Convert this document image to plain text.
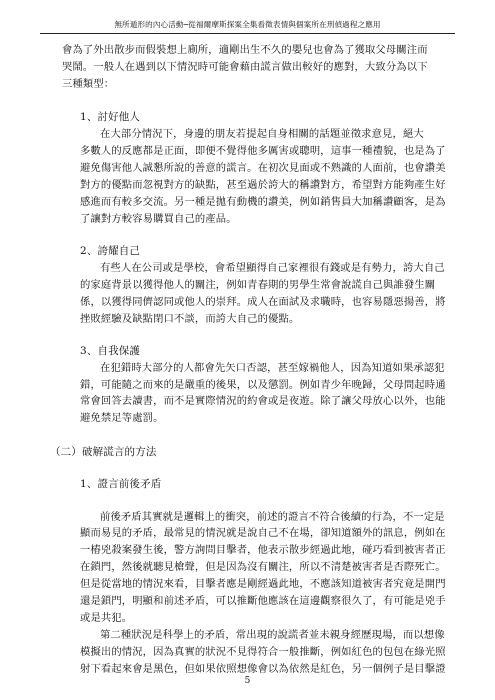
無所遁形的內心活動─從福爾摩斯探案全集看徵表情與個案所在刑偵過程之應用
會為了外出散步而假裝想上廁所，適剛出生不久的嬰兒也會為了獲取父母關注而
哭鬧。一般人在遇到以下情況時可能會藉由謊言做出較好的應對，大致分為以下
三種類型：
1、討好他人
在大部分情況下，身邊的朋友若提起自身相關的話題並徵求意見，絕大
多數人的反應都是正面，即便不覺得他多厲害或聰明，這事一種禮貌，也是為了
避免傷害他人誠懇所說的善意的謊言。在初次見面或不熟識的人面前，也會讚美
對方的優點而忽視對方的缺點，甚至過於誇大的稱讚對方，希望對方能夠產生好
感進而有較多交流。另一種是拋有動機的讚美，例如銷售員大加稱讚顧客，是為
了讓對方較容易購買自己的產品。
2、誇耀自己
有些人在公司或是學校，會希望顯得自己家裡很有錢或是有勢力，誇大自己
的家庭背景以獲得他人的關注，例如青春期的男學生常會說謊自己與誰發生關
係，以獲得同儕認同或他人的崇拜。成人在面試及求職時，也容易隱惡揚善，將
挫敗經驗及缺點閉口不談，而誇大自己的優點。
3、自我保護
在犯錯時大部分的人都會先矢口否認，甚至嫁禍他人，因為知道如果承認犯
錯，可能隨之而來的是嚴重的後果，以及懲罰。例如青少年晚歸，父母問起時通
常會回答去讀書，而不是實際情況的約會或是夜遊。除了讓父母放心以外，也能
避免禁足等處罰。
（二）破解謊言的方法
1、證言前後矛盾
前後矛盾其實就是邏輯上的衝突，前述的證言不符合後續的行為，不一定是
顯而易見的矛盾，最常見的情況就是說自己不在場，卻知道額外的訊息，例如在
一樁兇殺案發生後，警方詢問目擊者，他表示散步經過此地，碰巧看到被害者正
在鎖門，然後就聽見槍聲，但是因為沒有關注，所以不清楚被害者是否際死亡。
但是從當地的情況來看，目擊者應是剛經過此地，不應該知道被害者究竟是開門
還是鎖門，明顯和前述矛盾，可以推斷他應該在這邊觀察很久了，有可能是兇手
或是共犯。
第二種狀況是科學上的矛盾，常出現的說謊者並未親身經歷現場，而以想像
模擬出的情況，因為真實的狀況不見得符合一般推斷，例如紅色的包包在綠光照
射下看起來會是黑色，但如果依照想像會以為依然是紅色，另一個例子是目擊證
5
